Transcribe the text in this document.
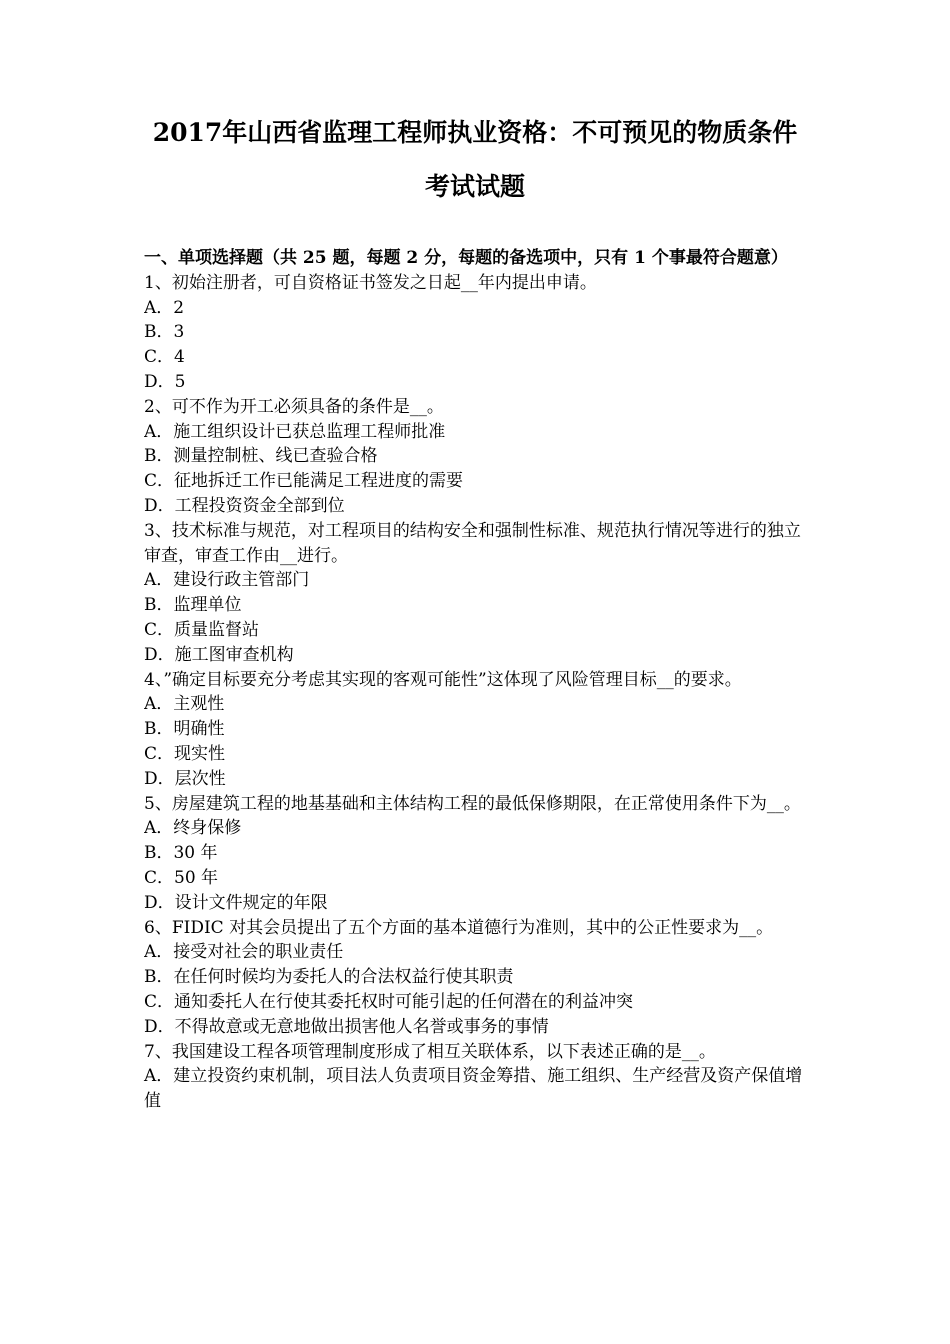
2017年山西省监理工程师执业资格：不可预见的物质条件
考试试题
一、单项选择题（共 25 题，每题 2 分，每题的备选项中，只有 1 个事最符合题意）
1、初始注册者，可自资格证书签发之日起__年内提出申请。
A．2
B．3
C．4
D．5
2、可不作为开工必须具备的条件是__。
A．施工组织设计已获总监理工程师批准
B．测量控制桩、线已查验合格
C．征地拆迁工作已能满足工程进度的需要
D．工程投资资金全部到位
3、技术标准与规范，对工程项目的结构安全和强制性标准、规范执行情况等进行的独立审查，审查工作由__进行。
A．建设行政主管部门
B．监理单位
C．质量监督站
D．施工图审查机构
4、”确定目标要充分考虑其实现的客观可能性”这体现了风险管理目标__的要求。
A．主观性
B．明确性
C．现实性
D．层次性
5、房屋建筑工程的地基基础和主体结构工程的最低保修期限，在正常使用条件下为__。
A．终身保修
B．30 年
C．50 年
D．设计文件规定的年限
6、FIDIC 对其会员提出了五个方面的基本道德行为准则，其中的公正性要求为__。
A．接受对社会的职业责任
B．在任何时候均为委托人的合法权益行使其职责
C．通知委托人在行使其委托权时可能引起的任何潜在的利益冲突
D．不得故意或无意地做出损害他人名誉或事务的事情
7、我国建设工程各项管理制度形成了相互关联体系，以下表述正确的是__。
A．建立投资约束机制，项目法人负责项目资金筹措、施工组织、生产经营及资产保值增值
